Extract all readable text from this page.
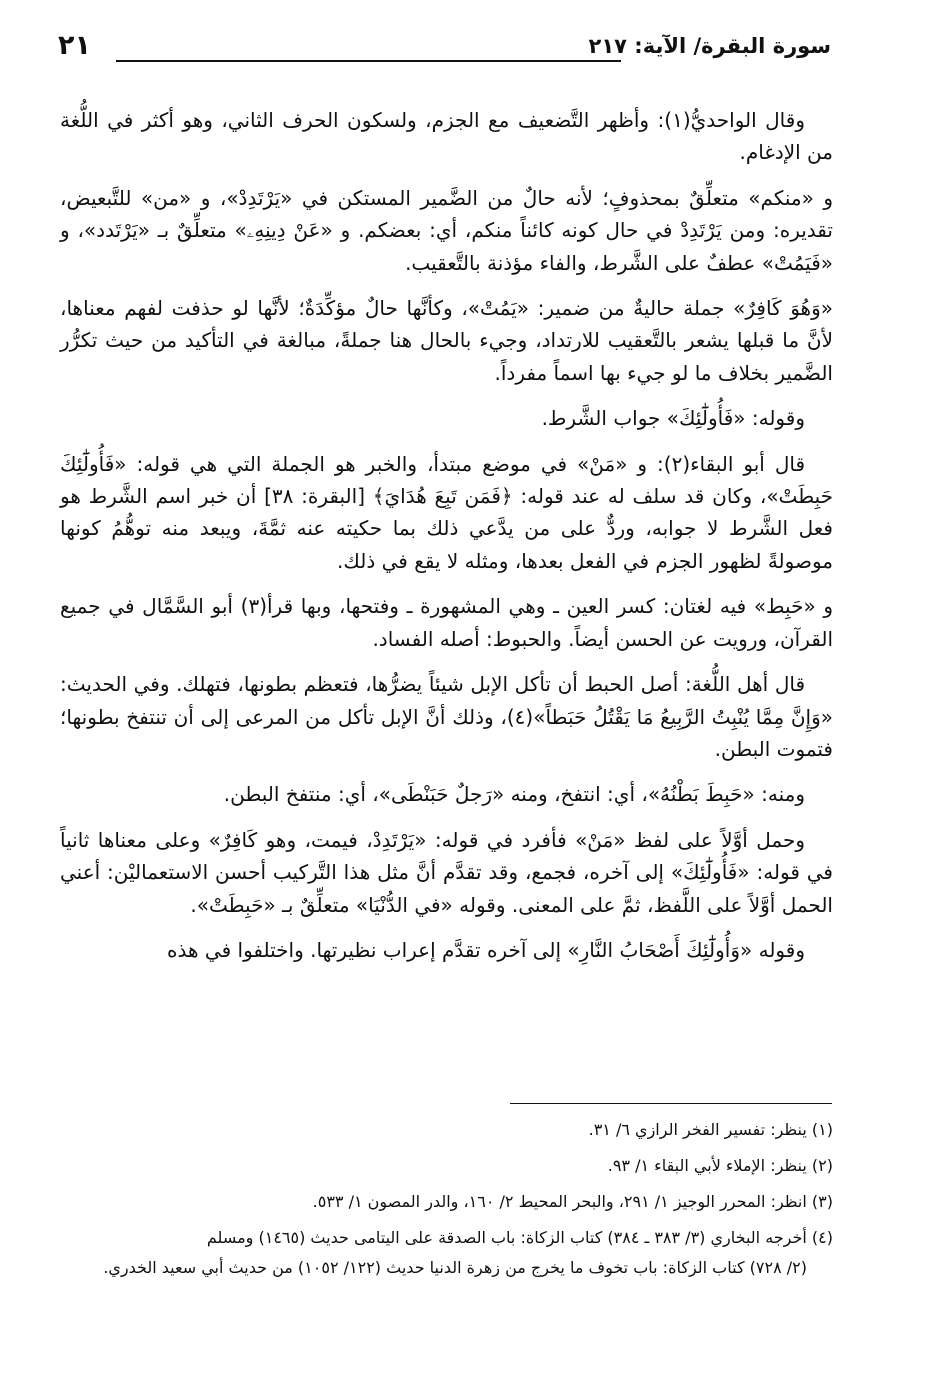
سورة البقرة/ الآية: ٢١٧
٢١

وقال الواحديُّ(١): وأظهر التَّضعيف مع الجزم، ولسكون الحرف الثاني، وهو أكثر في اللُّغة من الإدغام.

و «منكم» متعلِّقٌ بمحذوفٍ؛ لأنه حالٌ من الضَّمير المستكن في «يَرْتَدِدْ»، و «من» للتَّبعيض، تقديره: ومن يَرْتَدِدْ في حال كونه كائناً منكم، أي: بعضكم. و «عَنْ دِينِهِۦ» متعلِّقٌ بـ «يَرْتَدد»، و «فَيَمُتْ» عطفٌ على الشَّرط، والفاء مؤذنة بالتَّعقيب.

«وَهُوَ كَافِرٌ» جملة حاليةٌ من ضمير: «يَمُتْ»، وكأنَّها حالٌ مؤكِّدَةٌ؛ لأنَّها لو حذفت لفهم معناها، لأنَّ ما قبلها يشعر بالتَّعقيب للارتداد، وجيء بالحال هنا جملةً، مبالغة في التأكيد من حيث تكرُّر الضَّمير بخلاف ما لو جيء بها اسماً مفرداً.

وقوله: «فَأُولَٰٓئِكَ» جواب الشَّرط.

قال أبو البقاء(٢): و «مَنْ» في موضع مبتدأ، والخبر هو الجملة التي هي قوله: «فَأُولَٰٓئِكَ حَبِطَتْ»، وكان قد سلف له عند قوله: ﴿فَمَن تَبِعَ هُدَايَ﴾ [البقرة: ٣٨] أن خبر اسم الشَّرط هو فعل الشَّرط لا جوابه، وردٌّ على من يدَّعي ذلك بما حكيته عنه ثمَّةَ، ويبعد منه توهُّمُ كونها موصولةً لظهور الجزم في الفعل بعدها، ومثله لا يقع في ذلك.

و «حَبِط» فيه لغتان: كسر العين ـ وهي المشهورة ـ وفتحها، وبها قرأ(٣) أبو السَّمَّال في جميع القرآن، ورويت عن الحسن أيضاً. والحبوط: أصله الفساد.

قال أهل اللُّغة: أصل الحبط أن تأكل الإبل شيئاً يضرُّها، فتعظم بطونها، فتهلك. وفي الحديث: «وَإِنَّ مِمَّا يُنْبِتُ الرَّبِيعُ مَا يَقْتُلُ حَبَطاً»(٤)، وذلك أنَّ الإبل تأكل من المرعى إلى أن تنتفخ بطونها؛ فتموت البطن.

ومنه: «حَبِطَ بَطْنُهُ»، أي: انتفخ، ومنه «رَجلٌ حَبَنْطَى»، أي: منتفخ البطن.

وحمل أوَّلاً على لفظ «مَنْ» فأفرد في قوله: «يَرْتَدِدْ، فيمت، وهو كَافِرٌ» وعلى معناها ثانياً في قوله: «فَأُولَٰٓئِكَ» إلى آخره، فجمع، وقد تقدَّم أنَّ مثل هذا التَّركيب أحسن الاستعماليْن: أعني الحمل أوَّلاً على اللَّفظ، ثمَّ على المعنى. وقوله «في الدُّنْيَا» متعلِّقٌ بـ «حَبِطَتْ».

وقوله «وَأُولَٰٓئِكَ أَصْحَابُ النَّارِ» إلى آخره تقدَّم إعراب نظيرتها. واختلفوا في هذه

(١) ينظر: تفسير الفخر الرازي ٦/ ٣١.

(٢) ينظر: الإملاء لأبي البقاء ١/ ٩٣.

(٣) انظر: المحرر الوجيز ١/ ٢٩١، والبحر المحيط ٢/ ١٦٠، والدر المصون ١/ ٥٣٣.

(٤) أخرجه البخاري (٣/ ٣٨٣ ـ ٣٨٤) كتاب الزكاة: باب الصدقة على اليتامى حديث (١٤٦٥) ومسلم

(٢/ ٧٢٨) كتاب الزكاة: باب تخوف ما يخرج من زهرة الدنيا حديث (١٢٢/ ١٠٥٢) من حديث أبي سعيد الخدري.
